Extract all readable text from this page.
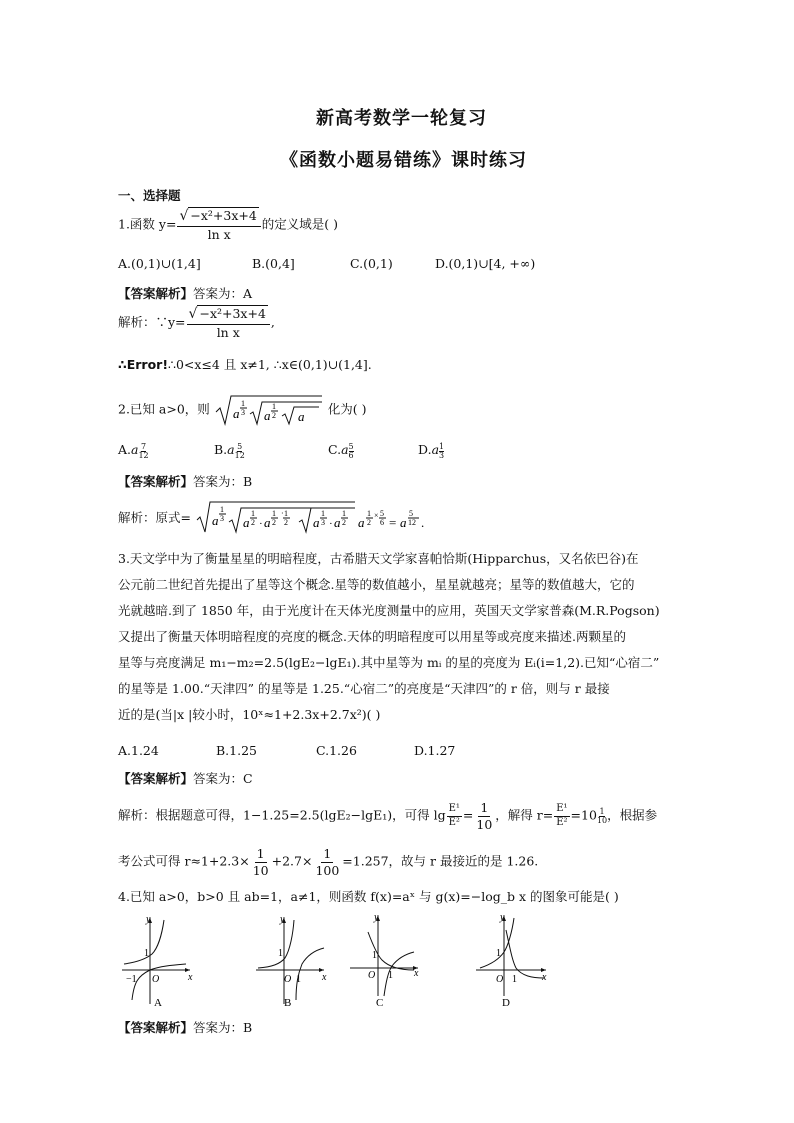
新高考数学一轮复习
《函数小题易错练》课时练习
一、选择题
1.函数 $y= \frac{\text{√ −x²+3x+4}}{\text{ln x}}$ 的定义域是( )
A.(0,1)∪(1,4]	B.(0,4]	C.(0,1)	D.(0,1)∪[4, +∞)
【答案解析】答案为：A
解析：∵y= $\frac{\text{√ −x²+3x+4}}{\text{ln x}}$ ,
∴Error!∴0<x≤4 且 x≠1, ∴x∈(0,1)∪(1,4].
2.已知 a>0，则 a
1
3 a
1
2 a 化为( )
$A.a \frac{7}{12}$	$B.a \frac{5}{12}$	$C.a \frac{5}{6}$	$D.a \frac{1}{3}$
【答案解析】答案为：B
解析：原式= a
1
3 a
1
2 · a
1
2
· 1
2 a
1
3 · a
1
2 a
1
2
× 5
6 = a
5
12 .
3.天文学中为了衡量星星的明暗程度，古希腊天文学家喜帕恰斯(Hipparchus，又名依巴谷)在
公元前二世纪首先提出了星等这个概念.星等的数值越小，星星就越亮；星等的数值越大，它的
光就越暗.到了 1850 年，由于光度计在天体光度测量中的应用，英国天文学家普森(M.R.Pogson)
又提出了衡量天体明暗程度的亮度的概念.天体的明暗程度可以用星等或亮度来描述.两颗星的
星等与亮度满足 m₁−m₂=2.5(lgE₂−lgE₁).其中星等为 mᵢ 的星的亮度为 Eᵢ(i=1,2).已知“心宿二”
的星等是 1.00.“天津四” 的星等是 1.25.“心宿二”的亮度是“天津四”的 r 倍，则与 r 最接
近的是(当|x |较小时，10ˣ≈1+2.3x+2.7x²)( )
A.1.24	B.1.25	C.1.26	D.1.27
【答案解析】答案为：C
解析：根据题意可得，1−1.25=2.5(lgE₂−lgE₁)，可得 $\lg \frac{\text{E¹}}{\text{E²}} = \frac{1}{10}$ ，解得 $r= \frac{\text{E¹}}{\text{E²}} =10 \frac{1}{10}$ ，根据参
考公式可得 $r\approx 1+2.3\times \frac{1}{10} +2.7\times \frac{1}{100} =1.257$，故与 r 最接近的是 1.26.
4.已知 a>0，b>0 且 ab=1，a≠1，则函数 f(x)=aˣ 与 g(x)=−log_b x 的图象可能是( )
y
x
1
−1 O
A
y
x
1
O 1
B
y
x
1
O 1
C
y
x
1
O 1
D
【答案解析】答案为：B
